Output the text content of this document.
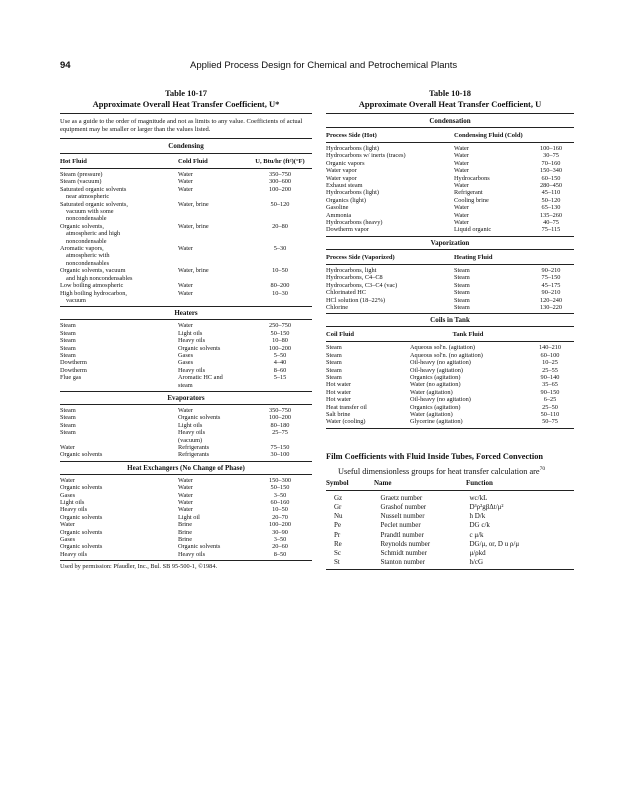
94	Applied Process Design for Chemical and Petrochemical Plants
Table 10-17
Approximate Overall Heat Transfer Coefficient, U*
Use as a guide to the order of magnitude and not as limits to any value. Coefficients of actual equipment may be smaller or larger than the values listed.
Condensing
Hot Fluid	Cold Fluid	U, Btu/hr (ft²)(°F)
Steam (pressure)	Water	350–750
Steam (vacuum)	Water	300–600
Saturated organic solvents	Water	100–200
near atmospheric
Saturated organic solvents,	Water, brine	50–120
vacuum with some
noncondensable
Organic solvents,	Water, brine	20–80
atmospheric and high
noncondensable
Aromatic vapors,	Water	5–30
atmospheric with
noncondensables
Organic solvents, vacuum	Water, brine	10–50
and high noncondensables
Low boiling atmospheric	Water	80–200
High boiling hydrocarbon,	Water	10–30
vacuum
Heaters
Steam	Water	250–750
Steam	Light oils	50–150
Steam	Heavy oils	10–80
Steam	Organic solvents	100–200
Steam	Gases	5–50
Dowtherm	Gases	4–40
Dowtherm	Heavy oils	8–60
Flue gas	Aromatic HC and	5–15
steam
Evaporators
Steam	Water	350–750
Steam	Organic solvents	100–200
Steam	Light oils	80–180
Steam	Heavy oils	25–75
(vacuum)
Water	Refrigerants	75–150
Organic solvents	Refrigerants	30–100
Heat Exchangers (No Change of Phase)
Water	Water	150–300
Organic solvents	Water	50–150
Gases	Water	3–50
Light oils	Water	60–160
Heavy oils	Water	10–50
Organic solvents	Light oil	20–70
Water	Brine	100–200
Organic solvents	Brine	30–90
Gases	Brine	3–50
Organic solvents	Organic solvents	20–60
Heavy oils	Heavy oils	8–50
Used by permission: Pfaudler, Inc., Bul. SB 95-500-1, ©1984.
Table 10-18
Approximate Overall Heat Transfer Coefficient, U
Condensation
Process Side (Hot)	Condensing Fluid (Cold)
Hydrocarbons (light)	Water	100–160
Hydrocarbons w/ inerts (traces)	Water	30–75
Organic vapors	Water	70–160
Water vapor	Water	150–340
Water vapor	Hydrocarbons	60–150
Exhaust steam	Water	280–450
Hydrocarbons (light)	Refrigerant	45–110
Organics (light)	Cooling brine	50–120
Gasoline	Water	65–130
Ammonia	Water	135–260
Hydrocarbons (heavy)	Water	40–75
Dowtherm vapor	Liquid organic	75–115
Vaporization
Process Side (Vaporized)	Heating Fluid
Hydrocarbons, light	Steam	90–210
Hydrocarbons, C4–C8	Steam	75–150
Hydrocarbons, C3–C4 (vac)	Steam	45–175
Chlorinated HC	Steam	90–210
HCl solution (18–22%)	Steam	120–240
Chlorine	Steam	130–220
Coils in Tank
Coil Fluid	Tank Fluid
Steam	Aqueous sol'n. (agitation)	140–210
Steam	Aqueous sol'n. (no agitation)	60–100
Steam	Oil-heavy (no agitation)	10–25
Steam	Oil-heavy (agitation)	25–55
Steam	Organics (agitation)	90–140
Hot water	Water (no agitation)	35–65
Hot water	Water (agitation)	90–150
Hot water	Oil-heavy (no agitation)	6–25
Heat transfer oil	Organics (agitation)	25–50
Salt brine	Water (agitation)	50–110
Water (cooling)	Glycerine (agitation)	50–75
Film Coefficients with Fluid Inside Tubes, Forced Convection
Useful dimensionless groups for heat transfer calculation are$^{70}$
Symbol	Name	Function
Gz	Graetz number	wc/kL
Gr	Grashof number	D³ρ²gβΔt/μ²
Nu	Nusselt number	h D/k
Pe	Peclet number	DG c/k
Pr	Prandtl number	c μ/k
Re	Reynolds number	DG/μ, or, D u ρ/μ
Sc	Schmidt number	μ/ρkd
St	Stanton number	h/cG
